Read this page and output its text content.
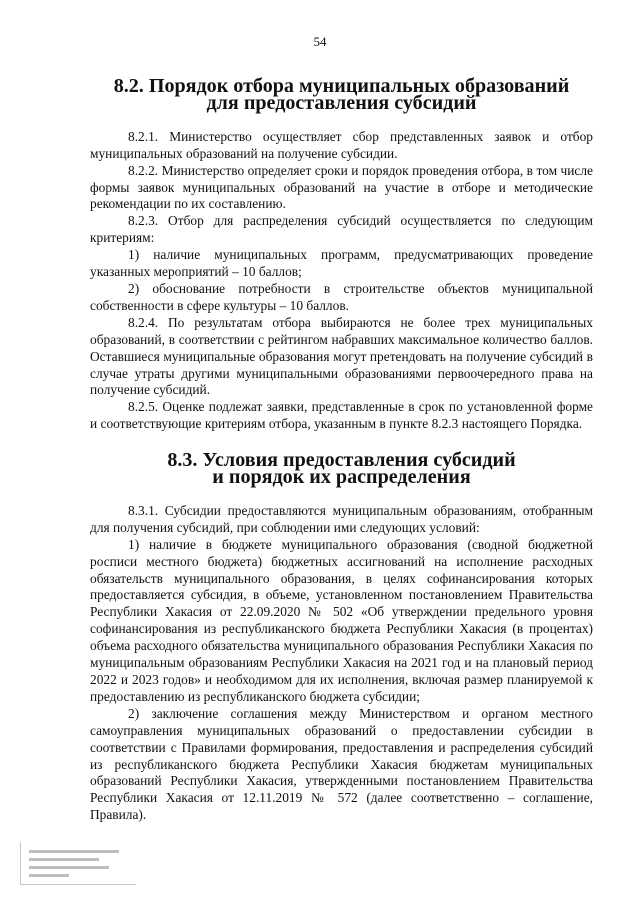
54
8.2. Порядок отбора муниципальных образований
для предоставления субсидий

8.2.1. Министерство осуществляет сбор представленных заявок и отбор муниципальных образований на получение субсидии.

8.2.2. Министерство определяет сроки и порядок проведения отбора, в том числе формы заявок муниципальных образований на участие в отборе и методические рекомендации по их составлению.

8.2.3. Отбор для распределения субсидий осуществляется по следующим критериям:

1) наличие муниципальных программ, предусматривающих проведение указанных мероприятий – 10 баллов;

2) обоснование потребности в строительстве объектов муниципальной собственности в сфере культуры – 10 баллов.

8.2.4. По результатам отбора выбираются не более трех муниципальных образований, в соответствии с рейтингом набравших максимальное количество баллов. Оставшиеся муниципальные образования могут претендовать на получение субсидий в случае утраты другими муниципальными образованиями первоочередного права на получение субсидий.

8.2.5. Оценке подлежат заявки, представленные в срок по установленной форме и соответствующие критериям отбора, указанным в пункте 8.2.3 настоящего Порядка.

8.3. Условия предоставления субсидий
и порядок их распределения

8.3.1. Субсидии предоставляются муниципальным образованиям, отобранным для получения субсидий, при соблюдении ими следующих условий:

1) наличие в бюджете муниципального образования (сводной бюджетной росписи местного бюджета) бюджетных ассигнований на исполнение расходных обязательств муниципального образования, в целях софинансирования которых предоставляется субсидия, в объеме, установленном постановлением Правительства Республики Хакасия от 22.09.2020 № 502 «Об утверждении предельного уровня софинансирования из республиканского бюджета Республики Хакасия (в процентах) объема расходного обязательства муниципального образования Республики Хакасия по муниципальным образованиям Республики Хакасия на 2021 год и на плановый период 2022 и 2023 годов» и необходимом для их исполнения, включая размер планируемой к предоставлению из республиканского бюджета субсидии;

2) заключение соглашения между Министерством и органом местного самоуправления муниципальных образований о предоставлении субсидии в соответствии с Правилами формирования, предоставления и распределения субсидий из республиканского бюджета Республики Хакасия бюджетам муниципальных образований Республики Хакасия, утвержденными постановлением Правительства Республики Хакасия от 12.11.2019 № 572 (далее соответственно – соглашение, Правила).
